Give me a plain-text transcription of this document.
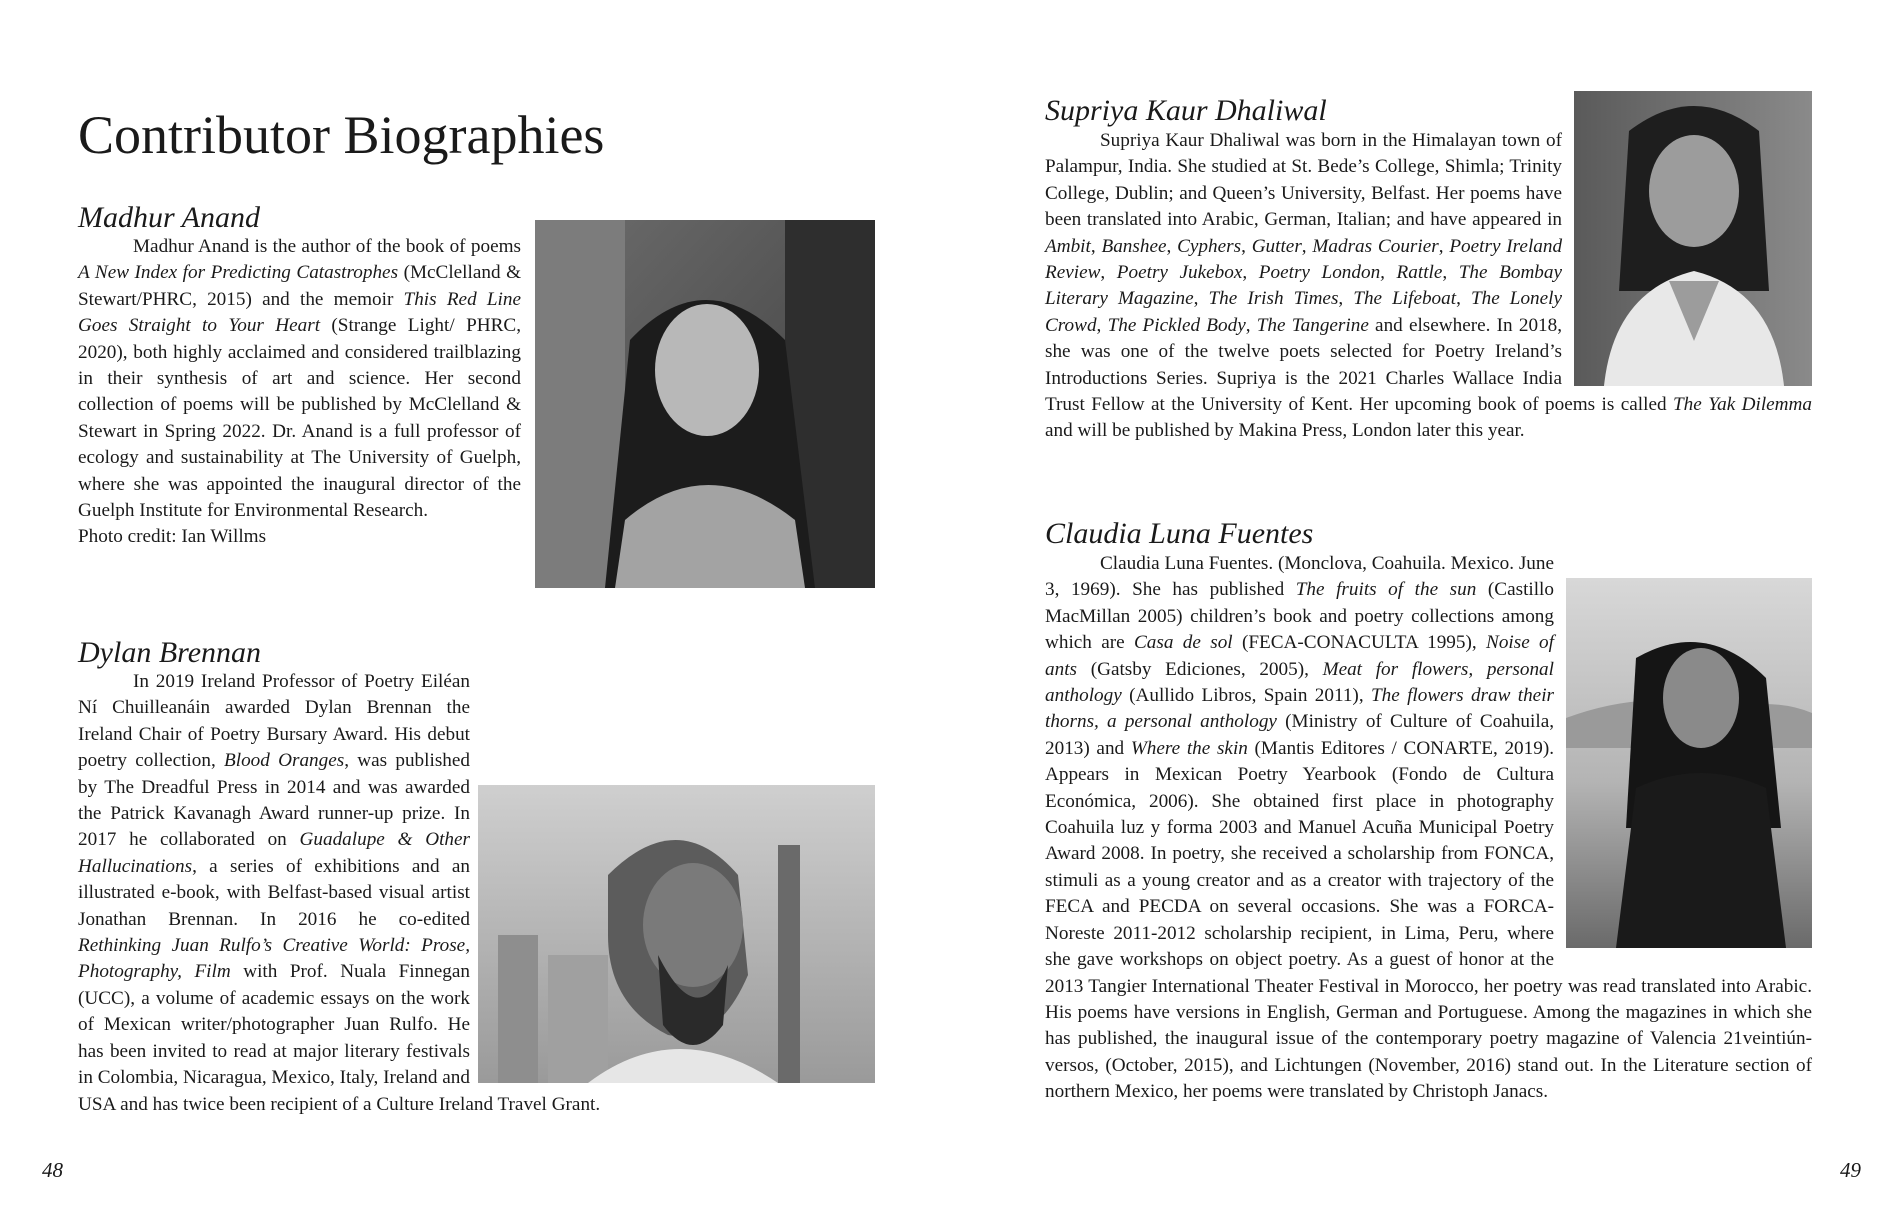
Contributor Biographies
Madhur Anand

Madhur Anand is the author of the book of poems A New Index for Predicting Catastrophes (McClelland & Stewart/PHRC, 2015) and the memoir This Red Line Goes Straight to Your Heart (Strange Light/ PHRC, 2020), both highly acclaimed and considered trailblazing in their synthesis of art and science. Her second collection of poems will be published by McClelland & Stewart in Spring 2022. Dr. Anand is a full professor of ecology and sustainability at The University of Guelph, where she was appointed the inaugural director of the Guelph Institute for Environmental Research.

Photo credit: Ian Willms

Dylan Brennan

In 2019 Ireland Professor of Poetry Eiléan Ní Chuilleanáin awarded Dylan Brennan the Ireland Chair of Poetry Bursary Award. His debut poetry collection, Blood Oranges, was published by The Dreadful Press in 2014 and was awarded the Patrick Kavanagh Award runner-up prize. In 2017 he collaborated on Guadalupe & Other Hallucinations, a series of exhibitions and an illustrated e-book, with Belfast-based visual artist Jonathan Brennan. In 2016 he co-edited Rethinking Juan Rulfo’s Creative World: Prose, Photography, Film with Prof. Nuala Finnegan (UCC), a volume of academic essays on the work of Mexican writer/photographer Juan Rulfo. He has been invited to read at major literary festivals in Colombia, Nicaragua, Mexico, Italy, Ireland and USA and has twice been recipient of a Culture Ireland Travel Grant.

48
Supriya Kaur Dhaliwal

Supriya Kaur Dhaliwal was born in the Himalayan town of Palampur, India. She studied at St. Bede’s College, Shimla; Trinity College, Dublin; and Queen’s University, Belfast. Her poems have been translated into Arabic, German, Italian; and have appeared in Ambit, Banshee, Cyphers, Gutter, Madras Courier, Poetry Ireland Review, Poetry Jukebox, Poetry London, Rattle, The Bombay Literary Magazine, The Irish Times, The Lifeboat, The Lonely Crowd, The Pickled Body, The Tangerine and elsewhere. In 2018, she was one of the twelve poets selected for Poetry Ireland’s Introductions Series. Supriya is the 2021 Charles Wallace India Trust Fellow at the University of Kent. Her upcoming book of poems is called The Yak Dilemma and will be published by Makina Press, London later this year.

Claudia Luna Fuentes

Claudia Luna Fuentes. (Monclova, Coahuila. Mexico. June 3, 1969). She has published The fruits of the sun (Castillo MacMillan 2005) children’s book and poetry collections among which are Casa de sol (FECA-CONACULTA 1995), Noise of ants (Gatsby Ediciones, 2005), Meat for flowers, personal anthology (Aullido Libros, Spain 2011), The flowers draw their thorns, a personal anthology (Ministry of Culture of Coahuila, 2013) and Where the skin (Mantis Editores / CONARTE, 2019). Appears in Mexican Poetry Yearbook (Fondo de Cultura Económica, 2006). She obtained first place in photography Coahuila luz y forma 2003 and Manuel Acuña Municipal Poetry Award 2008. In poetry, she received a scholarship from FONCA, stimuli as a young creator and as a creator with trajectory of the FECA and PECDA on several occasions. She was a FORCA-Noreste 2011-2012 scholarship recipient, in Lima, Peru, where she gave workshops on object poetry. As a guest of honor at the 2013 Tangier International Theater Festival in Morocco, her poetry was read translated into Arabic. His poems have versions in English, German and Portuguese. Among the magazines in which she has published, the inaugural issue of the contemporary poetry magazine of Valencia 21veintiún-versos, (October, 2015), and Lichtungen (November, 2016) stand out. In the Literature section of northern Mexico, her poems were translated by Christoph Janacs.

49
